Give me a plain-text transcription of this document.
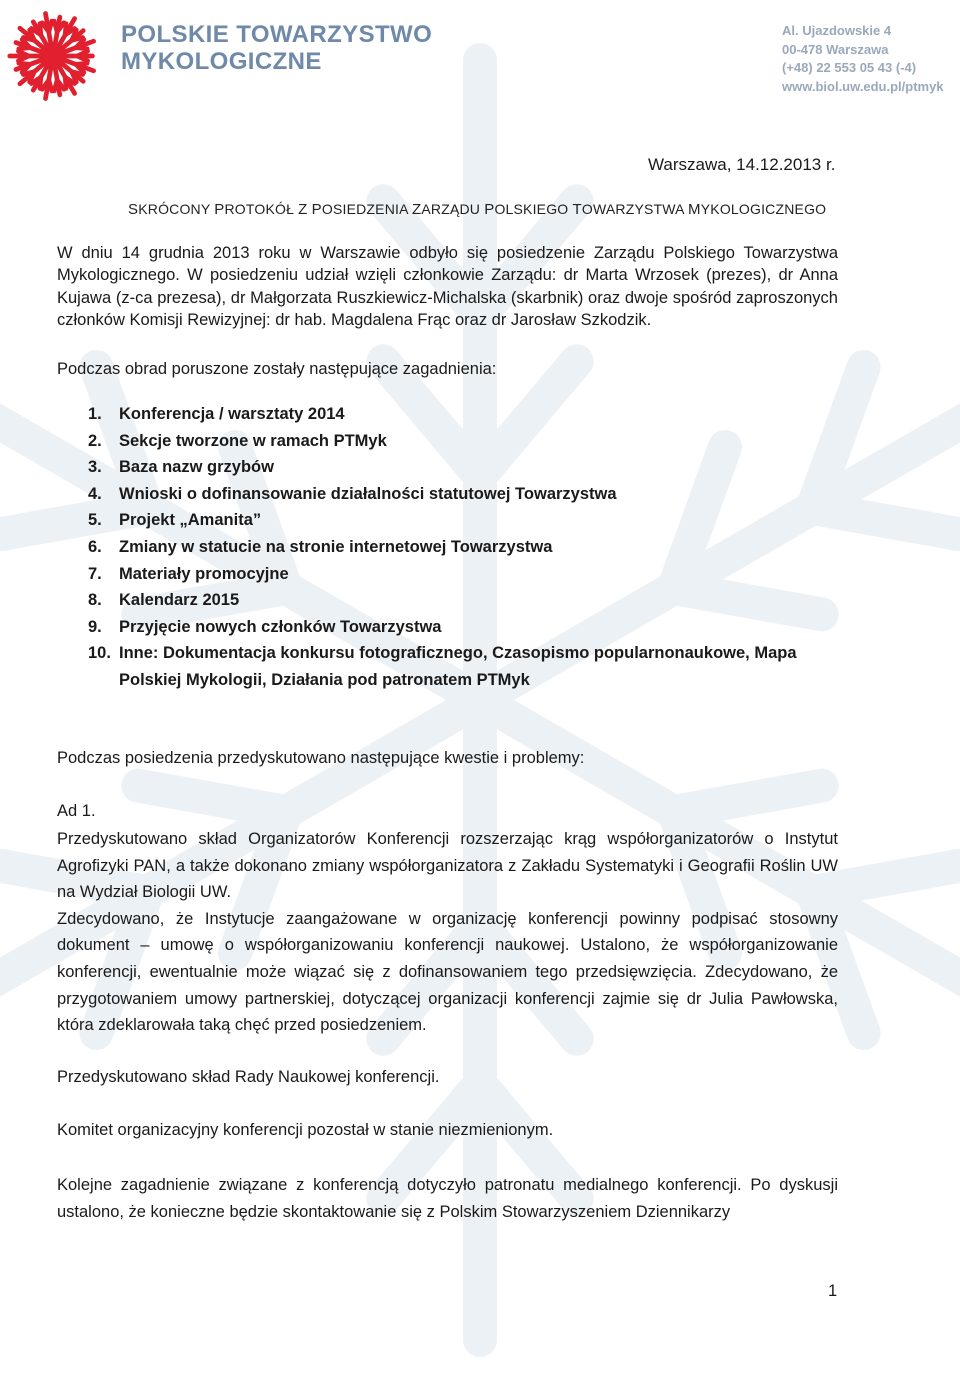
POLSKIE TOWARZYSTWO
MYKOLOGICZNE
Al. Ujazdowskie 4
00-478 Warszawa
(+48) 22 553 05 43 (-4)
www.biol.uw.edu.pl/ptmyk
Warszawa, 14.12.2013 r.
SKRÓCONY PROTOKÓŁ Z POSIEDZENIA ZARZĄDU POLSKIEGO TOWARZYSTWA MYKOLOGICZNEGO
W dniu 14 grudnia 2013 roku w Warszawie odbyło się posiedzenie Zarządu Polskiego Towarzystwa Mykologicznego. W posiedzeniu udział wzięli członkowie Zarządu: dr Marta Wrzosek (prezes), dr Anna Kujawa (z-ca prezesa), dr Małgorzata Ruszkiewicz-Michalska (skarbnik) oraz dwoje spośród zaproszonych członków Komisji Rewizyjnej: dr hab. Magdalena Frąc oraz dr Jarosław Szkodzik.
Podczas obrad poruszone zostały następujące zagadnienia:
1. Konferencja / warsztaty 2014
2. Sekcje tworzone w ramach PTMyk
3. Baza nazw grzybów
4. Wnioski o dofinansowanie działalności statutowej Towarzystwa
5. Projekt „Amanita”
6. Zmiany w statucie na stronie internetowej Towarzystwa
7. Materiały promocyjne
8. Kalendarz 2015
9. Przyjęcie nowych członków Towarzystwa
10. Inne: Dokumentacja konkursu fotograficznego, Czasopismo popularnonaukowe, Mapa Polskiej Mykologii, Działania pod patronatem PTMyk
Podczas posiedzenia przedyskutowano następujące kwestie i problemy:
Ad 1.

Przedyskutowano skład Organizatorów Konferencji rozszerzając krąg współorganizatorów o Instytut Agrofizyki PAN, a także dokonano zmiany współorganizatora z Zakładu Systematyki i Geografii Roślin UW na Wydział Biologii UW.

Zdecydowano, że Instytucje zaangażowane w organizację konferencji powinny podpisać stosowny dokument – umowę o współorganizowaniu konferencji naukowej. Ustalono, że współorganizowanie konferencji, ewentualnie może wiązać się z dofinansowaniem tego przedsięwzięcia. Zdecydowano, że przygotowaniem umowy partnerskiej, dotyczącej organizacji konferencji zajmie się dr Julia Pawłowska, która zdeklarowała taką chęć przed posiedzeniem.

Przedyskutowano skład Rady Naukowej konferencji.
Komitet organizacyjny konferencji pozostał w stanie niezmienionym.
Kolejne zagadnienie związane z konferencją dotyczyło patronatu medialnego konferencji. Po dyskusji ustalono, że konieczne będzie skontaktowanie się z Polskim Stowarzyszeniem Dziennikarzy
1
